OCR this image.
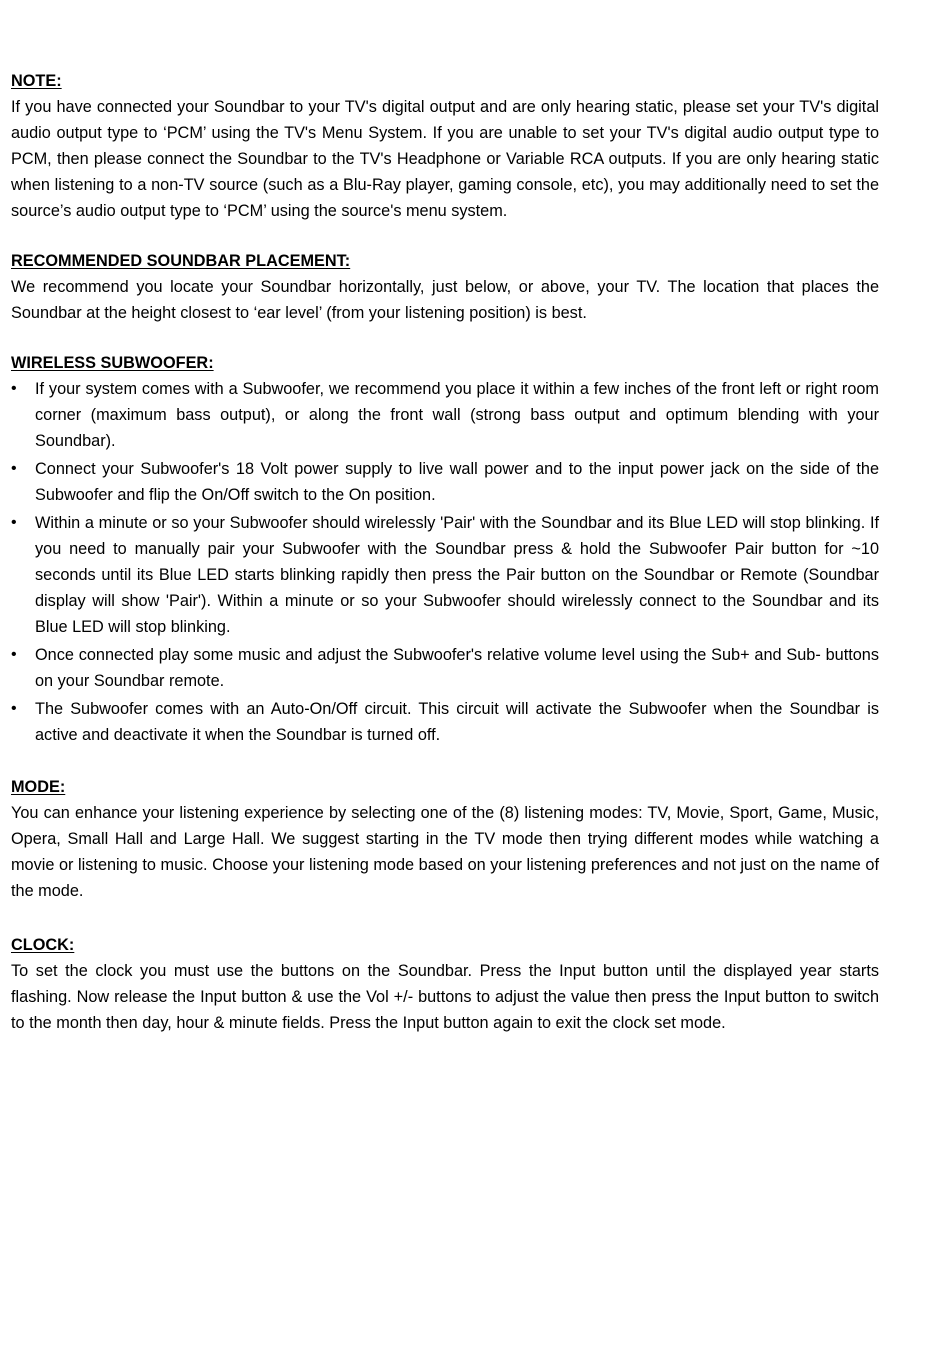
NOTE:

If you have connected your Soundbar to your TV's digital output and are only hearing static, please set your TV's digital audio output type to ‘PCM’ using the TV's Menu System. If you are unable to set your TV's digital audio output type to PCM, then please connect the Soundbar to the TV's Headphone or Variable RCA outputs. If you are only hearing static when listening to a non-TV source (such as a Blu-Ray player, gaming console, etc), you may additionally need to set the source’s audio output type to ‘PCM’ using the source's menu system.

RECOMMENDED SOUNDBAR PLACEMENT:

We recommend you locate your Soundbar horizontally, just below, or above, your TV. The location that places the Soundbar at the height closest to ‘ear level’ (from your listening position) is best.

WIRELESS SUBWOOFER:

• If your system comes with a Subwoofer, we recommend you place it within a few inches of the front left or right room corner (maximum bass output), or along the front wall (strong bass output and optimum blending with your Soundbar).
• Connect your Subwoofer's 18 Volt power supply to live wall power and to the input power jack on the side of the Subwoofer and flip the On/Off switch to the On position.
• Within a minute or so your Subwoofer should wirelessly 'Pair' with the Soundbar and its Blue LED will stop blinking. If you need to manually pair your Subwoofer with the Soundbar press & hold the Subwoofer Pair button for ~10 seconds until its Blue LED starts blinking rapidly then press the Pair button on the Soundbar or Remote (Soundbar display will show 'Pair'). Within a minute or so your Subwoofer should wirelessly connect to the Soundbar and its Blue LED will stop blinking.
• Once connected play some music and adjust the Subwoofer's relative volume level using the Sub+ and Sub- buttons on your Soundbar remote.
• The Subwoofer comes with an Auto-On/Off circuit. This circuit will activate the Subwoofer when the Soundbar is active and deactivate it when the Soundbar is turned off.

MODE:

You can enhance your listening experience by selecting one of the (8) listening modes: TV, Movie, Sport, Game, Music, Opera, Small Hall and Large Hall. We suggest starting in the TV mode then trying different modes while watching a movie or listening to music. Choose your listening mode based on your listening preferences and not just on the name of the mode.

CLOCK:

To set the clock you must use the buttons on the Soundbar. Press the Input button until the displayed year starts flashing. Now release the Input button & use the Vol +/- buttons to adjust the value then press the Input button to switch to the month then day, hour & minute fields. Press the Input button again to exit the clock set mode.
